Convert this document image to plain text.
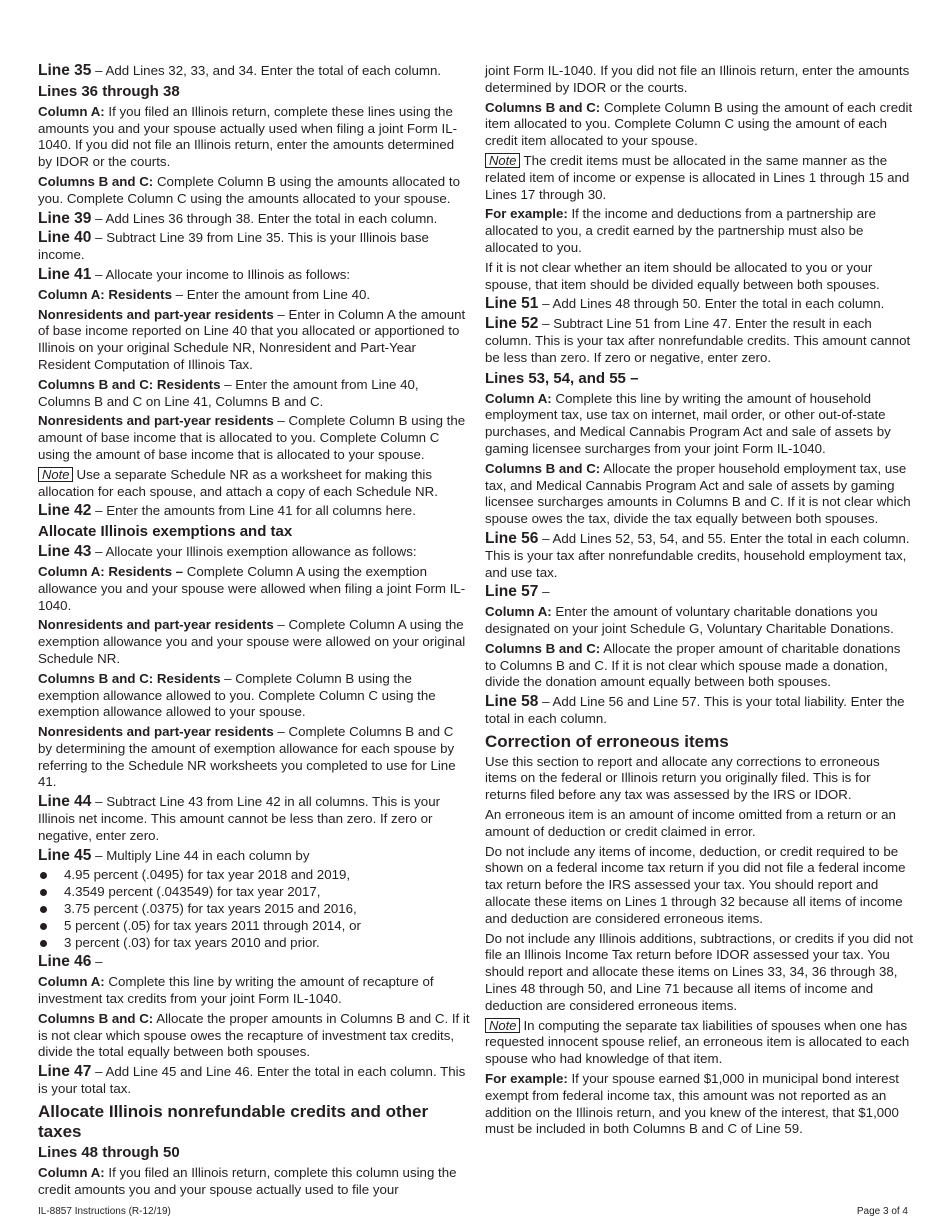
Line 35 – Add Lines 32, 33, and 34. Enter the total of each column.

Lines 36 through 38

Column A: If you filed an Illinois return, complete these lines using the amounts you and your spouse actually used when filing a joint Form IL-1040. If you did not file an Illinois return, enter the amounts determined by IDOR or the courts.

Columns B and C: Complete Column B using the amounts allocated to you. Complete Column C using the amounts allocated to your spouse.

Line 39 – Add Lines 36 through 38. Enter the total in each column.

Line 40 – Subtract Line 39 from Line 35. This is your Illinois base income.

Line 41 – Allocate your income to Illinois as follows:

Column A: Residents – Enter the amount from Line 40.

Nonresidents and part-year residents – Enter in Column A the amount of base income reported on Line 40 that you allocated or apportioned to Illinois on your original Schedule NR, Nonresident and Part-Year Resident Computation of Illinois Tax.

Columns B and C: Residents – Enter the amount from Line 40, Columns B and C on Line 41, Columns B and C.

Nonresidents and part-year residents – Complete Column B using the amount of base income that is allocated to you. Complete Column C using the amount of base income that is allocated to your spouse.

Note Use a separate Schedule NR as a worksheet for making this allocation for each spouse, and attach a copy of each Schedule NR.

Line 42 – Enter the amounts from Line 41 for all columns here.

Allocate Illinois exemptions and tax

Line 43 – Allocate your Illinois exemption allowance as follows:

Column A: Residents – Complete Column A using the exemption allowance you and your spouse were allowed when filing a joint Form IL-1040.

Nonresidents and part-year residents – Complete Column A using the exemption allowance you and your spouse were allowed on your original Schedule NR.

Columns B and C: Residents – Complete Column B using the exemption allowance allowed to you. Complete Column C using the exemption allowance allowed to your spouse.

Nonresidents and part-year residents – Complete Columns B and C by determining the amount of exemption allowance for each spouse by referring to the Schedule NR worksheets you completed to use for Line 41.

Line 44 – Subtract Line 43 from Line 42 in all columns. This is your Illinois net income. This amount cannot be less than zero. If zero or negative, enter zero.

Line 45 – Multiply Line 44 in each column by

4.95 percent (.0495) for tax year 2018 and 2019,
4.3549 percent (.043549) for tax year 2017,
3.75 percent (.0375) for tax years 2015 and 2016,
5 percent (.05) for tax years 2011 through 2014, or
3 percent (.03) for tax years 2010 and prior.

Line 46 –

Column A: Complete this line by writing the amount of recapture of investment tax credits from your joint Form IL-1040.

Columns B and C: Allocate the proper amounts in Columns B and C. If it is not clear which spouse owes the recapture of investment tax credits, divide the total equally between both spouses.

Line 47 – Add Line 45 and Line 46. Enter the total in each column. This is your total tax.

Allocate Illinois nonrefundable credits and other taxes

Lines 48 through 50

Column A: If you filed an Illinois return, complete this column using the credit amounts you and your spouse actually used to file your

joint Form IL-1040. If you did not file an Illinois return, enter the amounts determined by IDOR or the courts.

Columns B and C: Complete Column B using the amount of each credit item allocated to you. Complete Column C using the amount of each credit item allocated to your spouse.

Note The credit items must be allocated in the same manner as the related item of income or expense is allocated in Lines 1 through 15 and Lines 17 through 30.

For example: If the income and deductions from a partnership are allocated to you, a credit earned by the partnership must also be allocated to you.

If it is not clear whether an item should be allocated to you or your spouse, that item should be divided equally between both spouses.

Line 51 – Add Lines 48 through 50. Enter the total in each column.

Line 52 – Subtract Line 51 from Line 47. Enter the result in each column. This is your tax after nonrefundable credits. This amount cannot be less than zero. If zero or negative, enter zero.

Lines 53, 54, and 55 –

Column A: Complete this line by writing the amount of household employment tax, use tax on internet, mail order, or other out-of-state purchases, and Medical Cannabis Program Act and sale of assets by gaming licensee surcharges from your joint Form IL-1040.

Columns B and C: Allocate the proper household employment tax, use tax, and Medical Cannabis Program Act and sale of assets by gaming licensee surcharges amounts in Columns B and C. If it is not clear which spouse owes the tax, divide the tax equally between both spouses.

Line 56 – Add Lines 52, 53, 54, and 55. Enter the total in each column. This is your tax after nonrefundable credits, household employment tax, and use tax.

Line 57 –

Column A: Enter the amount of voluntary charitable donations you designated on your joint Schedule G, Voluntary Charitable Donations.

Columns B and C: Allocate the proper amount of charitable donations to Columns B and C. If it is not clear which spouse made a donation, divide the donation amount equally between both spouses.

Line 58 – Add Line 56 and Line 57. This is your total liability. Enter the total in each column.

Correction of erroneous items

Use this section to report and allocate any corrections to erroneous items on the federal or Illinois return you originally filed. This is for returns filed before any tax was assessed by the IRS or IDOR.

An erroneous item is an amount of income omitted from a return or an amount of deduction or credit claimed in error.

Do not include any items of income, deduction, or credit required to be shown on a federal income tax return if you did not file a federal income tax return before the IRS assessed your tax. You should report and allocate these items on Lines 1 through 32 because all items of income and deduction are considered erroneous items.

Do not include any Illinois additions, subtractions, or credits if you did not file an Illinois Income Tax return before IDOR assessed your tax. You should report and allocate these items on Lines 33, 34, 36 through 38, Lines 48 through 50, and Line 71 because all items of income and deduction are considered erroneous items.

Note In computing the separate tax liabilities of spouses when one has requested innocent spouse relief, an erroneous item is allocated to each spouse who had knowledge of that item.

For example: If your spouse earned $1,000 in municipal bond interest exempt from federal income tax, this amount was not reported as an addition on the Illinois return, and you knew of the interest, that $1,000 must be included in both Columns B and C of Line 59.

IL-8857 Instructions (R-12/19)	Page 3 of 4
